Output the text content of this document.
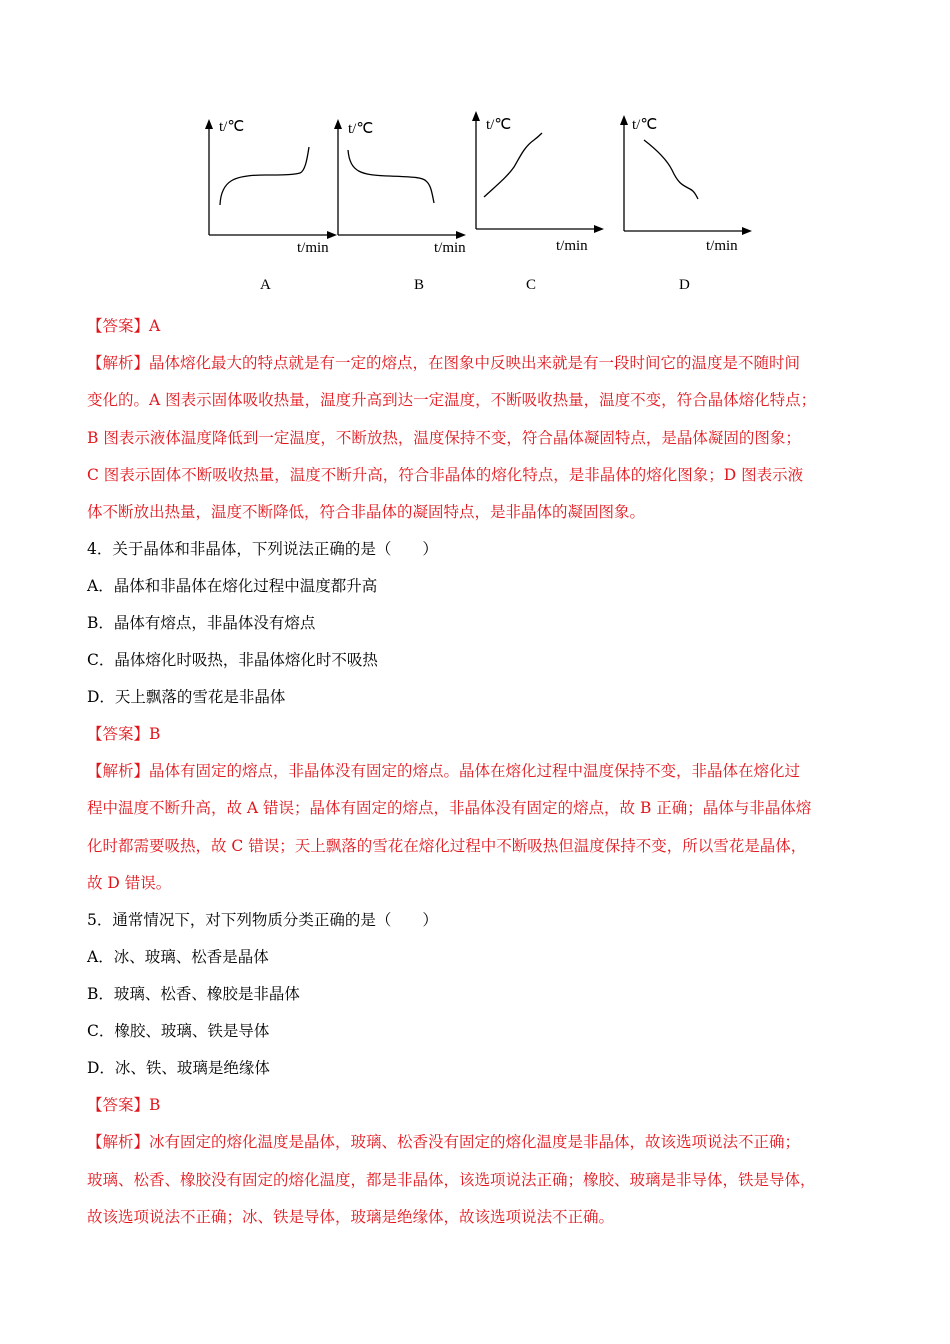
t/℃
t/min
t/℃
t/min
t/℃
t/min
t/℃
t/min
A	B	C	D
【答案】A
【解析】晶体熔化最大的特点就是有一定的熔点，在图象中反映出来就是有一段时间它的温度是不随时间
变化的。A 图表示固体吸收热量，温度升高到达一定温度，不断吸收热量，温度不变，符合晶体熔化特点；
B 图表示液体温度降低到一定温度，不断放热，温度保持不变，符合晶体凝固特点，是晶体凝固的图象；
C 图表示固体不断吸收热量，温度不断升高，符合非晶体的熔化特点，是非晶体的熔化图象；D 图表示液
体不断放出热量，温度不断降低，符合非晶体的凝固特点，是非晶体的凝固图象。
4．关于晶体和非晶体，下列说法正确的是（　　）
A．晶体和非晶体在熔化过程中温度都升高
B．晶体有熔点，非晶体没有熔点
C．晶体熔化时吸热，非晶体熔化时不吸热
D．天上飘落的雪花是非晶体
【答案】B
【解析】晶体有固定的熔点，非晶体没有固定的熔点。晶体在熔化过程中温度保持不变，非晶体在熔化过
程中温度不断升高，故 A 错误；晶体有固定的熔点，非晶体没有固定的熔点，故 B 正确；晶体与非晶体熔
化时都需要吸热，故 C 错误；天上飘落的雪花在熔化过程中不断吸热但温度保持不变，所以雪花是晶体，
故 D 错误。
5．通常情况下，对下列物质分类正确的是（　　）
A．冰、玻璃、松香是晶体
B．玻璃、松香、橡胶是非晶体
C．橡胶、玻璃、铁是导体
D．冰、铁、玻璃是绝缘体
【答案】B
【解析】冰有固定的熔化温度是晶体，玻璃、松香没有固定的熔化温度是非晶体，故该选项说法不正确；
玻璃、松香、橡胶没有固定的熔化温度，都是非晶体，该选项说法正确；橡胶、玻璃是非导体，铁是导体，
故该选项说法不正确；冰、铁是导体，玻璃是绝缘体，故该选项说法不正确。
